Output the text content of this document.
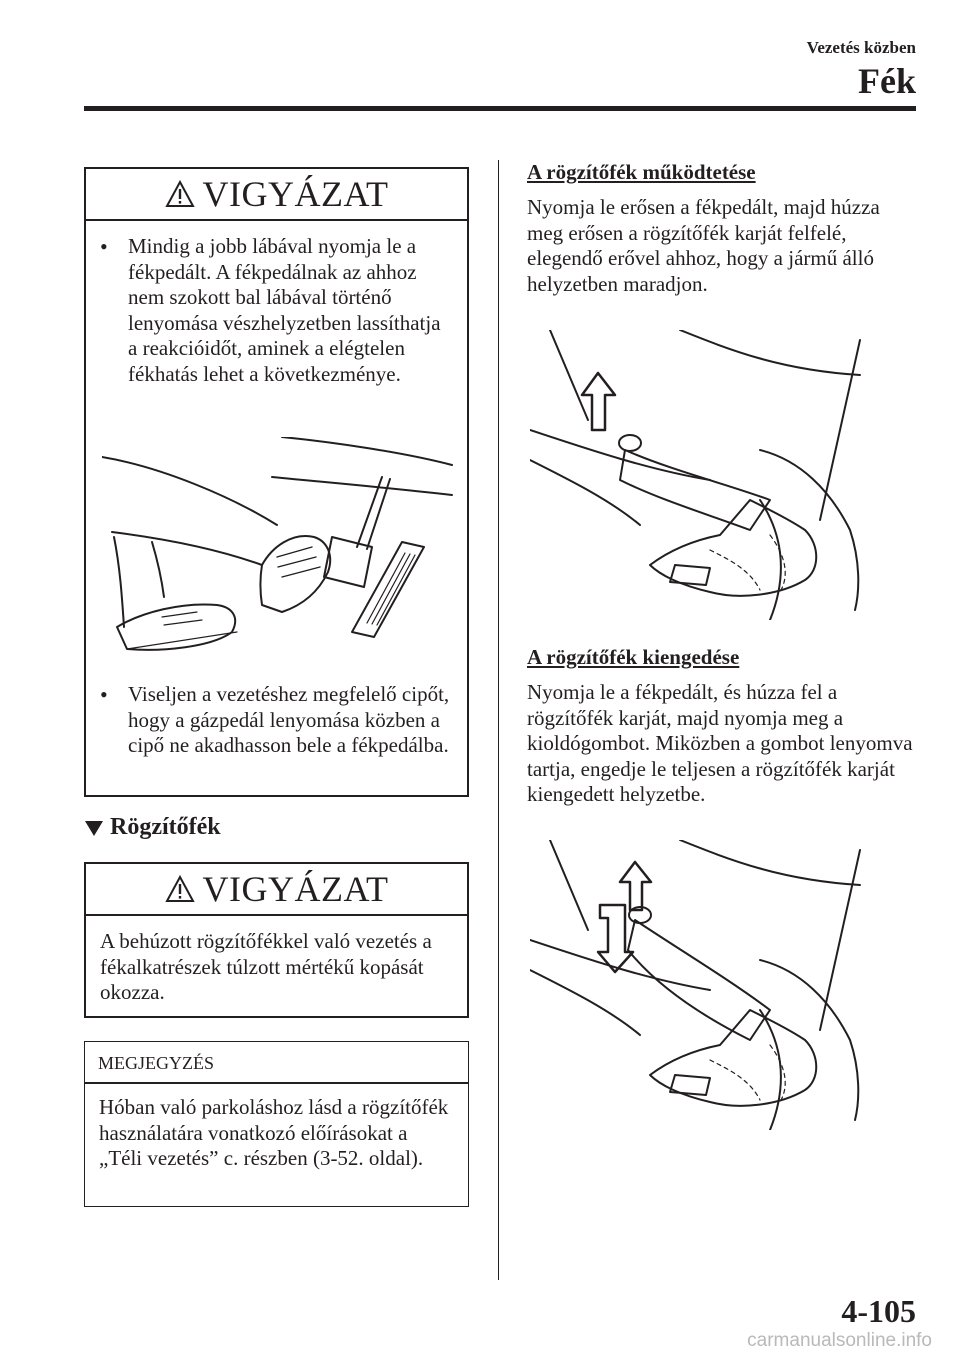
Vezetés közben
Fék
VIGYÁZAT
• Mindig a jobb lábával nyomja le a fékpedált. A fékpedálnak az ahhoz nem szokott bal lábával történő lenyomása vészhelyzetben lassíthatja a reakcióidőt, aminek a elégtelen fékhatás lehet a következménye.
• Viseljen a vezetéshez megfelelő cipőt, hogy a gázpedál lenyomása közben a cipő ne akadhasson bele a fékpedálba.
Rögzítőfék
VIGYÁZAT
A behúzott rögzítőfékkel való vezetés a fékalkatrészek túlzott mértékű kopását okozza.
MEGJEGYZÉS
Hóban való parkoláshoz lásd a rögzítőfék használatára vonatkozó előírásokat a „Téli vezetés” c. részben (3-52. oldal).
A rögzítőfék működtetése
Nyomja le erősen a fékpedált, majd húzza meg erősen a rögzítőfék karját felfelé, elegendő erővel ahhoz, hogy a jármű álló helyzetben maradjon.
A rögzítőfék kiengedése
Nyomja le a fékpedált, és húzza fel a rögzítőfék karját, majd nyomja meg a kioldógombot. Miközben a gombot lenyomva tartja, engedje le teljesen a rögzítőfék karját kiengedett helyzetbe.
4-105
carmanualsonline.info
